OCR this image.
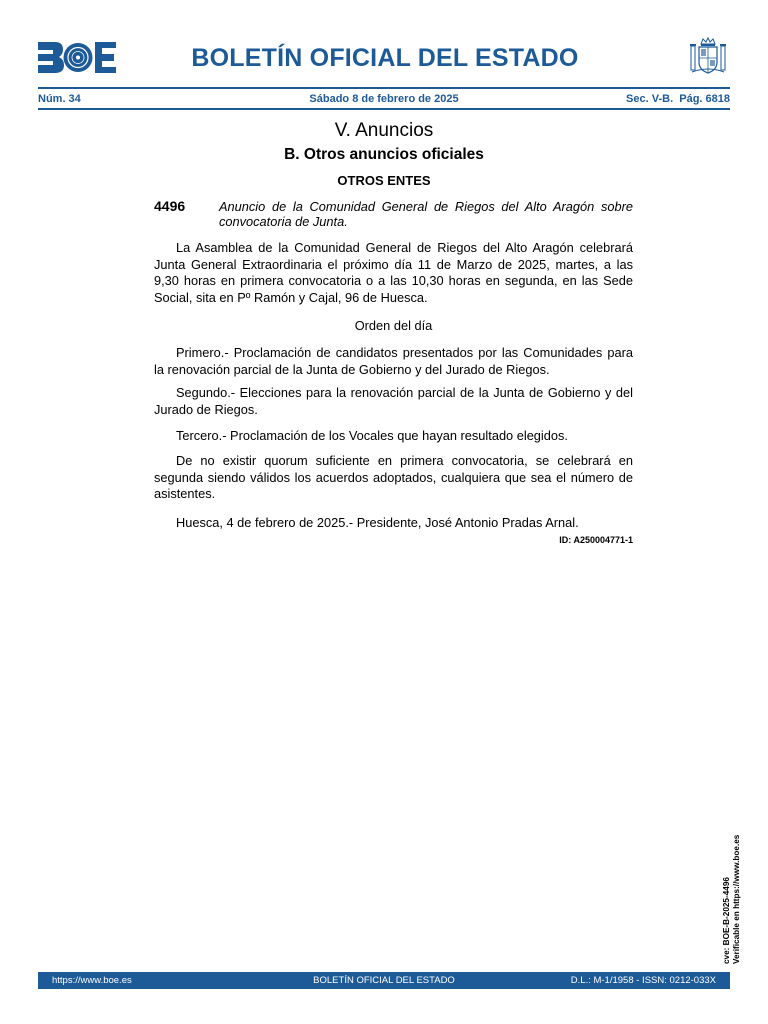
BOLETÍN OFICIAL DEL ESTADO
Núm. 34	Sábado 8 de febrero de 2025	Sec. V-B.  Pág. 6818
V. Anuncios
B. Otros anuncios oficiales
OTROS ENTES
4496	Anuncio de la Comunidad General de Riegos del Alto Aragón sobre convocatoria de Junta.
La Asamblea de la Comunidad General de Riegos del Alto Aragón celebrará Junta General Extraordinaria el próximo día 11 de Marzo de 2025, martes, a las 9,30 horas en primera convocatoria o a las 10,30 horas en segunda, en las Sede Social, sita en Pº Ramón y Cajal, 96 de Huesca.
Orden del día
Primero.- Proclamación de candidatos presentados por las Comunidades para la renovación parcial de la Junta de Gobierno y del Jurado de Riegos.
Segundo.- Elecciones para la renovación parcial de la Junta de Gobierno y del Jurado de Riegos.
Tercero.- Proclamación de los Vocales que hayan resultado elegidos.
De no existir quorum suficiente en primera convocatoria, se celebrará en segunda siendo válidos los acuerdos adoptados, cualquiera que sea el número de asistentes.
Huesca, 4 de febrero de 2025.- Presidente, José Antonio Pradas Arnal.
ID: A250004771-1
cve: BOE-B-2025-4496 Verificable en https://www.boe.es
https://www.boe.es	BOLETÍN OFICIAL DEL ESTADO	D.L.: M-1/1958 - ISSN: 0212-033X
